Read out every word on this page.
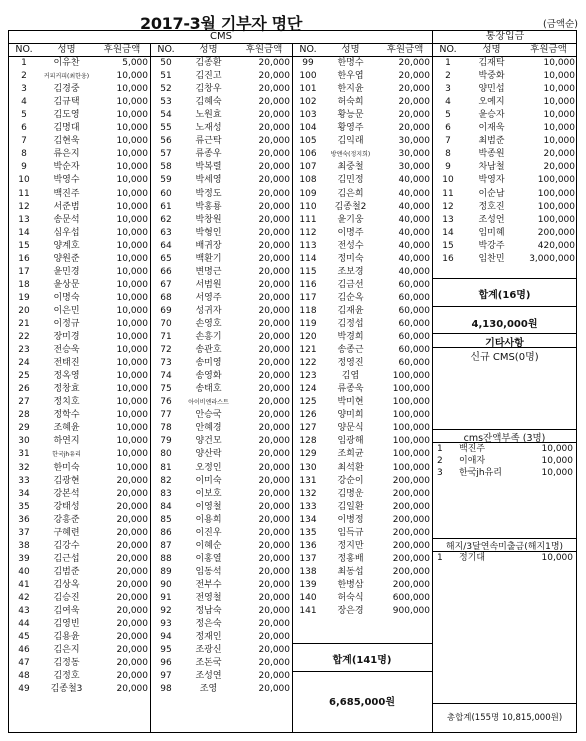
2017-3월 기부자 명단	(금액순)
CMS	통장입금
NO.	성명	후원금액
1	이유찬	5,000
2	커피커피(최한웅)	10,000
3	김경중	10,000
4	김규택	10,000
5	김도영	10,000
6	김명대	10,000
7	김현욱	10,000
8	류은지	10,000
9	박순자	10,000
10	박영수	10,000
11	백진주	10,000
12	서준범	10,000
13	송문석	10,000
14	심우섭	10,000
15	양계호	10,000
16	양원준	10,000
17	윤민경	10,000
18	윤상문	10,000
19	이명숙	10,000
20	이은민	10,000
21	이정규	10,000
22	장미경	10,000
23	전승욱	10,000
24	전태진	10,000
25	정옥영	10,000
26	정창효	10,000
27	정치호	10,000
28	정학수	10,000
29	조혜윤	10,000
30	하연지	10,000
31	한국jh유리	10,000
32	한미숙	10,000
33	김광현	20,000
34	강본석	20,000
35	강태성	20,000
36	강흥준	20,000
37	구혜련	20,000
38	김강수	20,000
39	김근섭	20,000
40	김범준	20,000
41	김상옥	20,000
42	김승진	20,000
43	김여욱	20,000
44	김영빈	20,000
45	김용윤	20,000
46	김은지	20,000
47	김정동	20,000
48	김정호	20,000
49	김종철3	20,000
NO.	성명	후원금액
50	김종환	20,000
51	김진고	20,000
52	김창우	20,000
53	김혜숙	20,000
54	노원효	20,000
55	노재성	20,000
56	류근탁	20,000
57	류종우	20,000
58	박복렬	20,000
59	박세영	20,000
60	박정도	20,000
61	박홍룡	20,000
62	박창원	20,000
63	박형인	20,000
64	배귀장	20,000
65	백환기	20,000
66	변명근	20,000
67	서범원	20,000
68	서영주	20,000
69	성귀자	20,000
70	손영호	20,000
71	손흥기	20,000
72	송관호	20,000
73	송미영	20,000
74	송영화	20,000
75	송태호	20,000
76	아이비엔라스트	20,000
77	안승국	20,000
78	안혜경	20,000
79	양건모	20,000
80	양산락	20,000
81	오정인	20,000
82	이미숙	20,000
83	이보호	20,000
84	이영철	20,000
85	이용희	20,000
86	이진우	20,000
87	이혜순	20,000
88	이홍열	20,000
89	임동석	20,000
90	전부수	20,000
91	전영철	20,000
92	정남숙	20,000
93	정은숙	20,000
94	정재인	20,000
95	조광신	20,000
96	조돈국	20,000
97	조성연	20,000
98	조영	20,000
NO.	성명	후원금액
99	한명수	20,000
100	한우엽	20,000
101	한지윤	20,000
102	허숙희	20,000
103	황능문	20,000
104	황영주	20,000
105	김익래	30,000
106	방앤숙(정지희)	30,000
107	최중철	30,000
108	김민정	40,000
109	김은희	40,000
110	김종철2	40,000
111	윤기웅	40,000
112	이명주	40,000
113	전성수	40,000
114	정미숙	40,000
115	조보경	40,000
116	김금선	60,000
117	김순옥	60,000
118	김재윤	60,000
119	김정섭	60,000
120	박경희	60,000
121	송종근	60,000
122	정영진	60,000
123	김엽	100,000
124	류종욱	100,000
125	박미현	100,000
126	양미희	100,000
127	양문식	100,000
128	임광해	100,000
129	조희균	100,000
130	최석환	100,000
131	강순이	200,000
132	김명운	200,000
133	김일환	200,000
134	이병정	200,000
135	임득규	200,000
136	정지만	200,000
137	정홍배	200,000
138	최동섭	200,000
139	한병삼	200,000
140	허숙식	600,000
141	장은경	900,000
합계(141명)
6,685,000원
NO.	성명	후원금액
1	김재탁	10,000
2	박중화	10,000
3	양민섭	10,000
4	오예지	10,000
5	윤승자	10,000
6	이재욱	10,000
7	최범준	10,000
8	박종원	20,000
9	차남철	20,000
10	박영자	100,000
11	이순남	100,000
12	정호진	100,000
13	조성언	100,000
14	임미혜	200,000
15	박강주	420,000
16	임찬민	3,000,000
합계(16명)
4,130,000원
기타사항
신규 CMS(0명)
cms잔액부족 (3명)
1	백진주	10,000
2	이애자	10,000
3	한국jh유리	10,000
해지/3달연속미출금(해지1명)
1	정기대	10,000
총합계(155명 10,815,000원)
